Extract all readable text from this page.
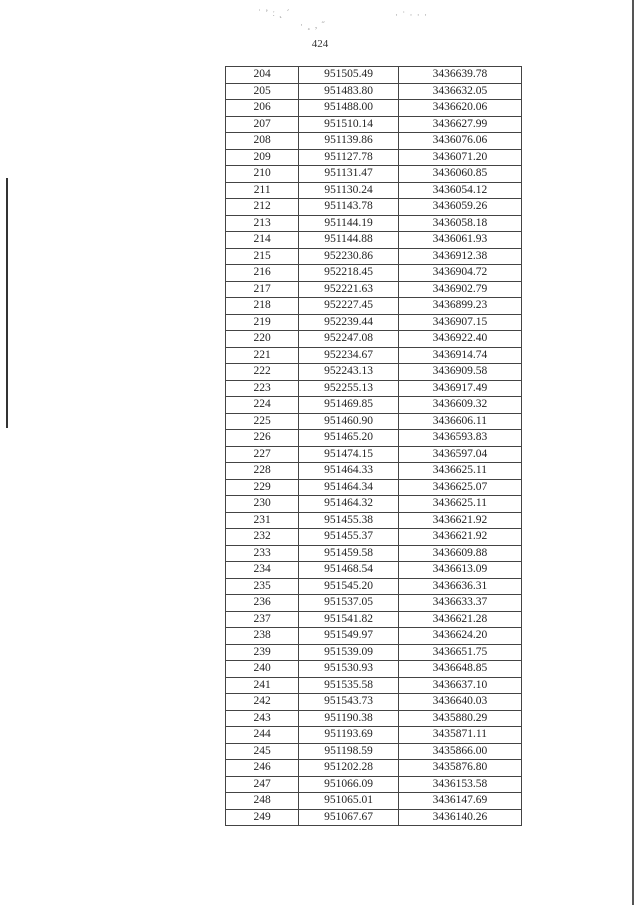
˙ ʼ ː ˛ ´
· ¸ ‚ ˝
· ˙ · · ·
424
204	951505.49	3436639.78
205	951483.80	3436632.05
206	951488.00	3436620.06
207	951510.14	3436627.99
208	951139.86	3436076.06
209	951127.78	3436071.20
210	951131.47	3436060.85
211	951130.24	3436054.12
212	951143.78	3436059.26
213	951144.19	3436058.18
214	951144.88	3436061.93
215	952230.86	3436912.38
216	952218.45	3436904.72
217	952221.63	3436902.79
218	952227.45	3436899.23
219	952239.44	3436907.15
220	952247.08	3436922.40
221	952234.67	3436914.74
222	952243.13	3436909.58
223	952255.13	3436917.49
224	951469.85	3436609.32
225	951460.90	3436606.11
226	951465.20	3436593.83
227	951474.15	3436597.04
228	951464.33	3436625.11
229	951464.34	3436625.07
230	951464.32	3436625.11
231	951455.38	3436621.92
232	951455.37	3436621.92
233	951459.58	3436609.88
234	951468.54	3436613.09
235	951545.20	3436636.31
236	951537.05	3436633.37
237	951541.82	3436621.28
238	951549.97	3436624.20
239	951539.09	3436651.75
240	951530.93	3436648.85
241	951535.58	3436637.10
242	951543.73	3436640.03
243	951190.38	3435880.29
244	951193.69	3435871.11
245	951198.59	3435866.00
246	951202.28	3435876.80
247	951066.09	3436153.58
248	951065.01	3436147.69
249	951067.67	3436140.26
